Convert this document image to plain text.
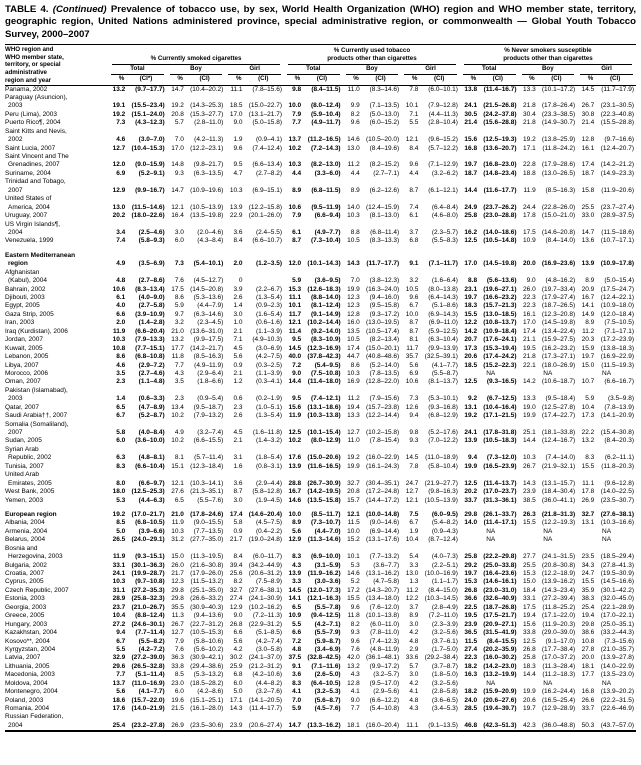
TABLE 4. (Continued) Prevalence of tobacco use, by sex, World Health Organization (WHO) region and WHO member state, territory, geographic region, United Nations administered province, special administrative region, or commonwealth — Global Youth Tobacco Survey, 2000–2007
WHO region and
WHO member state,
territory, or special
administrative
region and year

% Currently smoked cigarettes

% Currently used tobacco
products other than cigarettes

% Never smokers susceptible
products other than cigarettes

	Total		Boy		Girl		Total		Boy		Girl		Total		Boy		Girl	

	%	(CI*)	%	(CI)	%	(CI)	%	(CI)	%	(CI)	%	(CI)	%	(CI)	%	(CI)	%	(CI)

Panama, 2002	13.2	(9.7–17.7)	14.7	(10.4–20.2)	11.1	(7.8–15.6)	9.8	(8.4–11.5)	11.0	(8.3–14.6)	7.8	(6.0–10.1)	13.8	(11.4–16.7)	13.3	(10.1–17.2)	14.5	(11.7–17.9)

Paraguay (Asuncion),
2003	19.1	(15.5–23.4)	19.2	(14.3–25.3)	18.5	(15.0–22.7)	10.0	(8.0–12.4)	9.9	(7.1–13.5)	10.1	(7.9–12.8)	24.1	(21.5–26.8)	21.8	(17.8–26.4)	26.7	(23.1–30.5)

Peru (Lima), 2003	19.2	(15.1–24.0)	20.8	(15.3–27.7)	17.0	(13.1–21.7)	7.9	(5.9–10.4)	8.2	(5.0–13.0)	7.1	(4.4–11.3)	30.5	(24.2–37.8)	30.4	(23.3–38.5)	30.8	(22.3–40.8)

Puerto Rico¶, 2004	7.3	(4.3–12.3)	5.7	(2.8–11.0)	9.0	(5.0–15.8)	7.7	(4.9–11.7)	9.6	(6.0–15.2)	5.5	(2.8–10.4)	21.4	(15.6–28.8)	21.8	(14.9–30.7)	21.4	(15.5–28.8)

Saint Kitts and Nevis,
2002	4.6	(3.0–7.0)	7.0	(4.2–11.3)	1.9	(0.9–4.1)	13.7	(11.2–16.5)	14.6	(10.5–20.0)	12.1	(9.6–15.2)	15.6	(12.5–19.3)	19.2	(13.8–25.9)	12.8	(9.7–16.6)

Saint Lucia, 2007	12.7	(10.4–15.3)	17.0	(12.2–23.1)	9.6	(7.4–12.4)	10.2	(7.2–14.3)	13.0	(8.4–19.6)	8.4	(5.7–12.2)	16.8	(13.6–20.7)	17.1	(11.8–24.2)	16.1	(12.4–20.7)

Saint Vincent and The
Grenadines, 2007	12.0	(9.0–15.9)	14.8	(9.8–21.7)	9.5	(6.6–13.4)	10.3	(8.2–13.0)	11.2	(8.2–15.2)	9.6	(7.1–12.9)	19.7	(16.8–23.0)	22.8	(17.9–28.6)	17.4	(14.2–21.2)

Suriname, 2004	6.9	(5.2–9.1)	9.3	(6.3–13.5)	4.7	(2.7–8.2)	4.4	(3.3–6.0)	4.4	(2.7–7.1)	4.4	(3.2–6.2)	18.7	(14.8–23.4)	18.8	(13.0–26.5)	18.7	(14.9–23.3)

Trinidad and Tobago,
2007	12.9	(9.9–16.7)	14.7	(10.9–19.6)	10.3	(6.9–15.1)	8.9	(6.8–11.5)	8.9	(6.2–12.6)	8.7	(6.1–12.1)	14.4	(11.6–17.7)	11.9	(8.5–16.3)	15.8	(11.9–20.6)

United States of
America, 2004	13.0	(11.5–14.6)	12.1	(10.5–13.9)	13.9	(12.2–15.8)	10.6	(9.5–11.9)	14.0	(12.4–15.9)	7.4	(6.4–8.4)	24.9	(23.7–26.2)	24.4	(22.8–26.0)	25.5	(23.7–27.4)

Uruguay, 2007	20.2	(18.0–22.6)	16.4	(13.5–19.8)	22.9	(20.1–26.0)	7.9	(6.6–9.4)	10.3	(8.1–13.0)	6.1	(4.6–8.0)	25.8	(23.0–28.8)	17.8	(15.0–21.0)	33.0	(28.9–37.5)

US Virgin Islands¶,
2004	3.4	(2.5–4.6)	3.0	(2.0–4.6)	3.6	(2.4–5.5)	6.1	(4.9–7.7)	8.8	(6.8–11.4)	3.7	(2.3–5.7)	16.2	(14.0–18.6)	17.5	(14.6–20.8)	14.7	(11.5–18.6)

Venezuela, 1999	7.4	(5.8–9.3)	6.0	(4.3–8.4)	8.4	(6.6–10.7)	8.7	(7.3–10.4)	10.5	(8.3–13.3)	6.8	(5.5–8.3)	12.5	(10.5–14.8)	10.9	(8.4–14.0)	13.6	(10.7–17.1)

Eastern Mediterranean
region	4.9	(3.5–6.9)	7.3	(5.4–10.1)	2.0	(1.2–3.5)	12.0	(10.1–14.3)	14.3	(11.7–17.7)	9.1	(7.1–11.7)	17.0	(14.5–19.8)	20.0	(16.9–23.6)	13.9	(10.9–17.8)

Afghanistan
(Kabul), 2004	4.8	(2.7–8.6)	7.6	(4.5–12.7)	0		5.9	(3.6–9.5)	7.0	(3.8–12.3)	3.2	(1.6–6.4)	8.8	(5.6–13.6)	9.0	(4.8–16.2)	8.9	(5.0–15.4)

Bahrain, 2002	10.6	(8.3–13.4)	17.5	(14.5–20.8)	3.9	(2.2–6.7)	15.3	(12.6–18.3)	19.9	(16.3–24.0)	10.5	(8.0–13.8)	23.1	(19.6–27.1)	26.0	(19.7–33.4)	20.9	(17.5–24.7)

Djibouti, 2003	6.1	(4.0–9.0)	8.6	(5.3–13.6)	2.6	(1.3–5.4)	11.1	(8.8–14.0)	12.3	(9.4–16.0)	9.6	(6.4–14.3)	19.7	(16.6–23.2)	22.3	(17.9–27.4)	16.7	(12.4–22.1)

Egypt, 2005	4.0	(2.7–5.8)	5.9	(4.4–7.9)	1.4	(0.9–2.3)	10.1	(8.1–12.4)	12.3	(9.5–15.8)	6.7	(5.1–8.6)	18.3	(15.7–21.3)	22.3	(18.7–26.5)	14.1	(10.9–18.0)

Gaza Strip, 2005	6.6	(3.9–10.9)	9.7	(6.3–14.6)	3.0	(1.6–5.4)	11.7	(9.1–14.9)	12.8	(9.3–17.2)	10.0	(6.9–14.3)	15.5	(13.0–18.5)	16.1	(12.3–20.8)	14.9	(12.0–18.4)

Iran, 2003	2.0	(1.4–2.8)	3.2	(2.3–4.5)	1.0	(0.6–1.6)	12.1	(10.2–14.4)	16.0	(13.0–19.5)	8.7	(6.9–11.0)	12.2	(10.8–13.7)	17.0	(14.5–19.8)	8.9	(7.5–10.5)

Iraq (Kurdistan), 2006	11.9	(6.6–20.4)	21.0	(13.6–31.0)	2.1	(1.1–3.9)	11.4	(9.2–14.0)	13.5	(10.5–17.4)	8.7	(5.9–12.5)	14.2	(10.9–18.4)	17.4	(13.4–22.4)	11.2	(7.1–17.1)

Jordan, 2007	10.3	(7.9–13.3)	13.2	(9.9–17.5)	7.1	(4.9–10.3)	9.5	(8.3–10.9)	10.5	(8.2–13.4)	8.1	(6.3–10.4)	20.7	(17.6–24.1)	21.1	(15.9–27.5)	20.3	(17.2–23.9)

Kuwait, 2005	10.8	(7.7–15.1)	17.7	(14.2–21.7)	4.5	(3.0–6.9)	14.5	(12.3–16.9)	17.4	(15.0–20.1)	11.7	(9.9–13.9)	17.3	(15.3–19.4)	19.5	(16.2–23.2)	15.9	(13.8–18.3)

Lebanon, 2005	8.6	(6.8–10.8)	11.8	(8.5–16.3)	5.6	(4.2–7.5)	40.0	(37.8–42.3)	44.7	(40.8–48.6)	35.7	(32.5–39.1)	20.6	(17.4–24.2)	21.8	(17.3–27.1)	19.7	(16.9–22.9)

Libya, 2007	4.6	(2.9–7.2)	7.7	(4.9–11.9)	0.9	(0.3–2.5)	7.2	(5.4–9.5)	8.6	(5.2–14.0)	5.6	(4.1–7.7)	18.5	(15.2–22.3)	22.1	(18.0–26.9)	15.0	(11.5–19.3)

Morocco, 2006	3.5	(2.7–4.6)	4.3	(2.9–6.4)	2.1	(1.1–3.9)	9.0	(7.5–10.8)	10.3	(7.8–13.5)	6.9	(5.5–8.7)	NA		NA		NA	

Oman, 2007	2.3	(1.1–4.8)	3.5	(1.8–6.6)	1.2	(0.3–4.1)	14.4	(11.4–18.0)	16.9	(12.8–22.0)	10.6	(8.1–13.7)	12.5	(9.3–16.5)	14.2	(10.6–18.7)	10.7	(6.6–16.7)

Pakistan (Islamabad),
2003	1.4	(0.6–3.3)	2.3	(0.9–5.4)	0.6	(0.2–1.9)	9.5	(7.4–12.1)	11.2	(7.9–15.6)	7.3	(5.3–10.1)	9.2	(6.7–12.5)	13.3	(9.5–18.4)	5.9	(3.5–9.8)

Qatar, 2007	6.5	(4.7–8.9)	13.4	(9.5–18.7)	2.3	(1.0–5.1)	15.6	(13.1–18.6)	19.4	(15.7–23.8)	12.6	(9.3–16.8)	13.1	(10.4–16.4)	19.0	(12.5–27.8)	10.4	(7.8–13.9)

Saudi Arabia††, 2007	6.7	(5.2–8.7)	10.2	(7.9–13.2)	2.6	(1.3–5.4)	11.9	(10.3–13.8)	13.3	(12.2–14.4)	9.4	(6.8–12.9)	19.2	(17.1–21.5)	19.9	(17.4–22.7)	17.3	(14.1–20.9)

Somalia (Somaliland),
2007	5.8	(4.0–8.4)	4.9	(3.2–7.4)	4.5	(1.6–11.8)	12.5	(10.1–15.4)	12.7	(10.2–15.8)	9.8	(5.2–17.6)	24.1	(17.8–31.8)	25.1	(18.1–33.8)	22.2	(15.4–30.8)

Sudan, 2005	6.0	(3.6–10.0)	10.2	(6.6–15.5)	2.1	(1.4–3.2)	10.2	(8.0–12.9)	11.0	(7.8–15.4)	9.3	(7.0–12.2)	13.9	(10.5–18.3)	14.4	(12.4–16.7)	13.2	(8.4–20.3)

Syrian Arab
Republic, 2002	6.3	(4.8–8.1)	8.1	(5.7–11.4)	3.1	(1.8–5.4)	17.6	(15.0–20.6)	19.2	(16.0–22.9)	14.5	(11.0–18.9)	9.4	(7.3–12.0)	10.3	(7.4–14.0)	8.3	(6.2–11.1)

Tunisia, 2007	8.3	(6.6–10.4)	15.1	(12.3–18.4)	1.6	(0.8–3.1)	13.9	(11.6–16.5)	19.9	(16.1–24.3)	7.8	(5.8–10.4)	19.9	(16.5–23.9)	26.7	(21.9–32.1)	15.5	(11.8–20.3)

United Arab
Emirates, 2005	8.0	(6.6–9.7)	12.1	(10.3–14.1)	3.6	(2.9–4.4)	28.8	(26.7–30.9)	32.7	(30.4–35.1)	24.7	(21.9–27.7)	12.5	(11.4–13.7)	14.3	(13.1–15.7)	11.1	(9.6–12.8)

West Bank, 2005	18.0	(12.5–25.3)	27.6	(21.3–35.1)	8.7	(5.8–12.8)	16.7	(14.2–19.5)	20.8	(17.2–24.8)	12.7	(9.8–16.3)	20.2	(17.0–23.7)	23.9	(18.4–30.4)	17.8	(14.0–22.5)

Yemen, 2003	5.3	(4.4–6.3)	6.5	(5.5–7.6)	3.0	(1.9–4.5)	14.6	(13.5–15.8)	15.7	(14.4–17.2)	12.1	(10.5–13.9)	33.7	(31.3–36.1)	38.5	(36.0–41.1)	26.9	(23.5–30.7)

European region	19.2	(17.0–21.7)	21.0	(17.8–24.6)	17.4	(14.6–20.4)	10.0	(8.5–11.7)	12.1	(10.0–14.8)	7.5	(6.0–9.5)	29.8	(26.1–33.7)	26.3	(21.8–31.3)	32.7	(27.6–38.1)

Albania, 2004	8.5	(6.8–10.5)	11.9	(9.0–15.5)	5.8	(4.5–7.5)	8.9	(7.3–10.7)	11.5	(9.0–14.6)	6.7	(5.4–8.2)	14.0	(11.4–17.1)	15.5	(12.2–19.3)	13.1	(10.3–16.6)

Armenia, 2004	5.0	(3.9–6.6)	10.3	(7.7–13.5)	0.9	(0.4–2.2)	5.6	(4.4–7.0)	10.0	(6.9–14.4)	1.9	(0.9–4.3)	NA		NA		NA	

Belarus, 2004	26.5	(24.0–29.1)	31.2	(27.7–35.0)	21.7	(19.0–24.8)	12.9	(11.3–14.6)	15.2	(13.1–17.6)	10.4	(8.7–12.4)	NA		NA		NA	

Bosnia and
Herzegovina, 2003	11.9	(9.3–15.1)	15.0	(11.3–19.5)	8.4	(6.0–11.7)	8.3	(6.9–10.0)	10.1	(7.7–13.2)	5.4	(4.0–7.3)	25.8	(22.2–29.8)	27.7	(24.1–31.5)	23.5	(18.5–29.4)

Bulgaria, 2002	33.1	(30.1–36.3)	26.0	(21.6–30.8)	39.4	(34.2–44.9)	4.3	(3.1–5.9)	5.3	(3.6–7.7)	3.3	(2.2–5.1)	29.2	(25.0–33.8)	25.5	(20.8–30.8)	34.3	(27.8–41.3)

Croatia, 2007	24.1	(19.9–28.7)	21.7	(17.9–26.0)	25.6	(20.6–31.2)	13.9	(11.9–16.2)	14.6	(13.1–16.2)	13.0	(10.0–16.9)	19.7	(16.4–23.6)	15.3	(12.2–18.9)	24.7	(19.5–30.9)

Cyprus, 2005	10.3	(9.7–10.8)	12.3	(11.5–13.2)	8.2	(7.5–8.9)	3.3	(3.0–3.6)	5.2	(4.7–5.8)	1.3	(1.1–1.7)	15.3	(14.6–16.1)	15.0	(13.9–16.2)	15.5	(14.5–16.6)

Czech Republic, 2007	31.1	(27.2–35.3)	29.8	(25.1–35.0)	32.7	(27.6–38.1)	14.5	(12.0–17.3)	17.2	(14.3–20.7)	11.2	(8.4–15.0)	26.8	(23.0–31.0)	18.4	(14.3–23.4)	35.9	(30.1–42.2)

Estonia, 2003	28.9	(25.8–32.3)	29.8	(26.6–33.2)	27.4	(24.1–30.9)	14.1	(12.1–16.3)	15.5	(13.4–18.0)	12.2	(10.3–14.5)	36.6	(32.6–40.9)	33.1	(27.2–39.4)	38.3	(32.0–45.0)

Georgia, 2003	23.7	(21.0–26.7)	35.5	(30.9–40.3)	12.9	(10.2–16.2)	6.5	(5.5–7.8)	9.6	(7.6–12.0)	3.7	(2.8–4.9)	22.5	(18.7–26.8)	17.5	(11.8–25.2)	25.4	(22.1–28.9)

Greece, 2005	10.4	(8.8–12.4)	11.3	(9.4–13.6)	9.0	(7.2–11.3)	10.9	(9.4–12.5)	11.8	(10.1–13.8)	8.9	(7.2–11.0)	19.5	(17.5–21.7)	19.4	(17.1–22.0)	19.4	(17.0–22.1)

Hungary, 2003	27.2	(24.6–30.1)	26.7	(22.7–31.2)	26.8	(22.9–31.2)	5.5	(4.2–7.1)	8.2	(6.0–11.0)	3.0	(2.3–3.9)	23.9	(20.9–27.1)	15.6	(11.9–20.3)	29.8	(25.0–35.1)

Kazakhstan, 2004	9.4	(7.7–11.4)	12.7	(10.5–15.3)	6.6	(5.1–8.5)	6.6	(5.5–7.9)	9.3	(7.8–11.0)	4.2	(3.2–5.6)	36.5	(31.5–41.9)	33.8	(29.0–39.0)	38.6	(33.2–44.3)

Kosovo**, 2004	6.7	(5.5–8.2)	7.9	(5.8–10.6)	5.6	(4.2–7.4)	7.2	(5.9–8.7)	9.6	(7.4–12.3)	4.8	(3.7–6.1)	11.5	(8.4–15.5)	12.5	(9.1–17.0)	10.8	(7.3–15.6)

Kyrgyzstan, 2004	5.5	(4.2–7.2)	7.6	(5.6–10.2)	4.2	(3.0–5.8)	4.8	(3.4–6.9)	7.6	(4.8–11.9)	2.9	(1.7–5.0)	27.4	(20.2–35.9)	26.8	(17.7–38.4)	27.8	(21.0–35.7)

Latvia, 2007	32.9	(27.2–39.0)	36.3	(30.9–42.1)	30.2	(24.1–37.0)	37.5	(32.8–42.5)	42.0	(36.1–48.1)	33.6	(29.2–38.4)	22.3	(16.0–30.2)	25.8	(17.0–37.2)	20.0	(13.9–27.8)

Lithuania, 2005	29.6	(26.5–32.8)	33.8	(29.4–38.6)	25.9	(21.2–31.2)	9.1	(7.1–11.6)	13.2	(9.9–17.2)	5.7	(3.7–8.7)	18.2	(14.2–23.0)	18.3	(11.3–28.4)	18.1	(14.0–22.9)

Macedonia, 2003	7.7	(5.1–11.4)	8.5	(5.3–13.2)	6.8	(4.2–10.6)	3.6	(2.6–5.0)	4.3	(3.2–5.7)	3.0	(1.8–5.0)	16.3	(13.2–19.9)	14.4	(11.2–18.3)	17.7	(13.5–23.0)

Moldova, 2004	13.7	(11.0–16.9)	23.0	(18.5–28.2)	6.0	(4.4–8.2)	8.3	(6.4–10.5)	12.8	(9.5–17.0)	4.2	(3.2–5.6)	NA		NA		NA	

Montenegro, 2004	5.6	(4.1–7.7)	6.0	(4.2–8.6)	5.0	(3.2–7.6)	4.1	(3.2–5.3)	4.1	(2.9–5.6)	4.1	(2.8–5.8)	18.2	(15.9–20.9)	19.9	(16.2–24.4)	16.8	(13.9–20.2)

Poland, 2003	18.6	(15.7–22.0)	19.6	(15.1–25.1)	17.1	(14.1–20.5)	7.0	(5.6–8.7)	9.0	(6.6–12.2)	4.8	(3.6–6.5)	24.0	(20.6–27.6)	20.6	(16.5–25.4)	26.6	(22.2–31.5)

Romania, 2004	17.6	(14.0–21.9)	21.5	(16.1–28.0)	14.3	(11.4–17.7)	5.9	(4.5–7.6)	7.7	(5.4–10.8)	4.3	(3.4–5.3)	28.5	(19.4–39.7)	19.7	(12.9–28.9)	33.7	(22.6–46.9)

Russian Federation,
2004	25.4	(23.2–27.8)	26.9	(23.5–30.6)	23.9	(20.6–27.4)	14.7	(13.3–16.2)	18.1	(16.0–20.4)	11.1	(9.1–13.5)	46.8	(42.3–51.3)	42.3	(36.0–48.8)	50.3	(43.7–57.0)
